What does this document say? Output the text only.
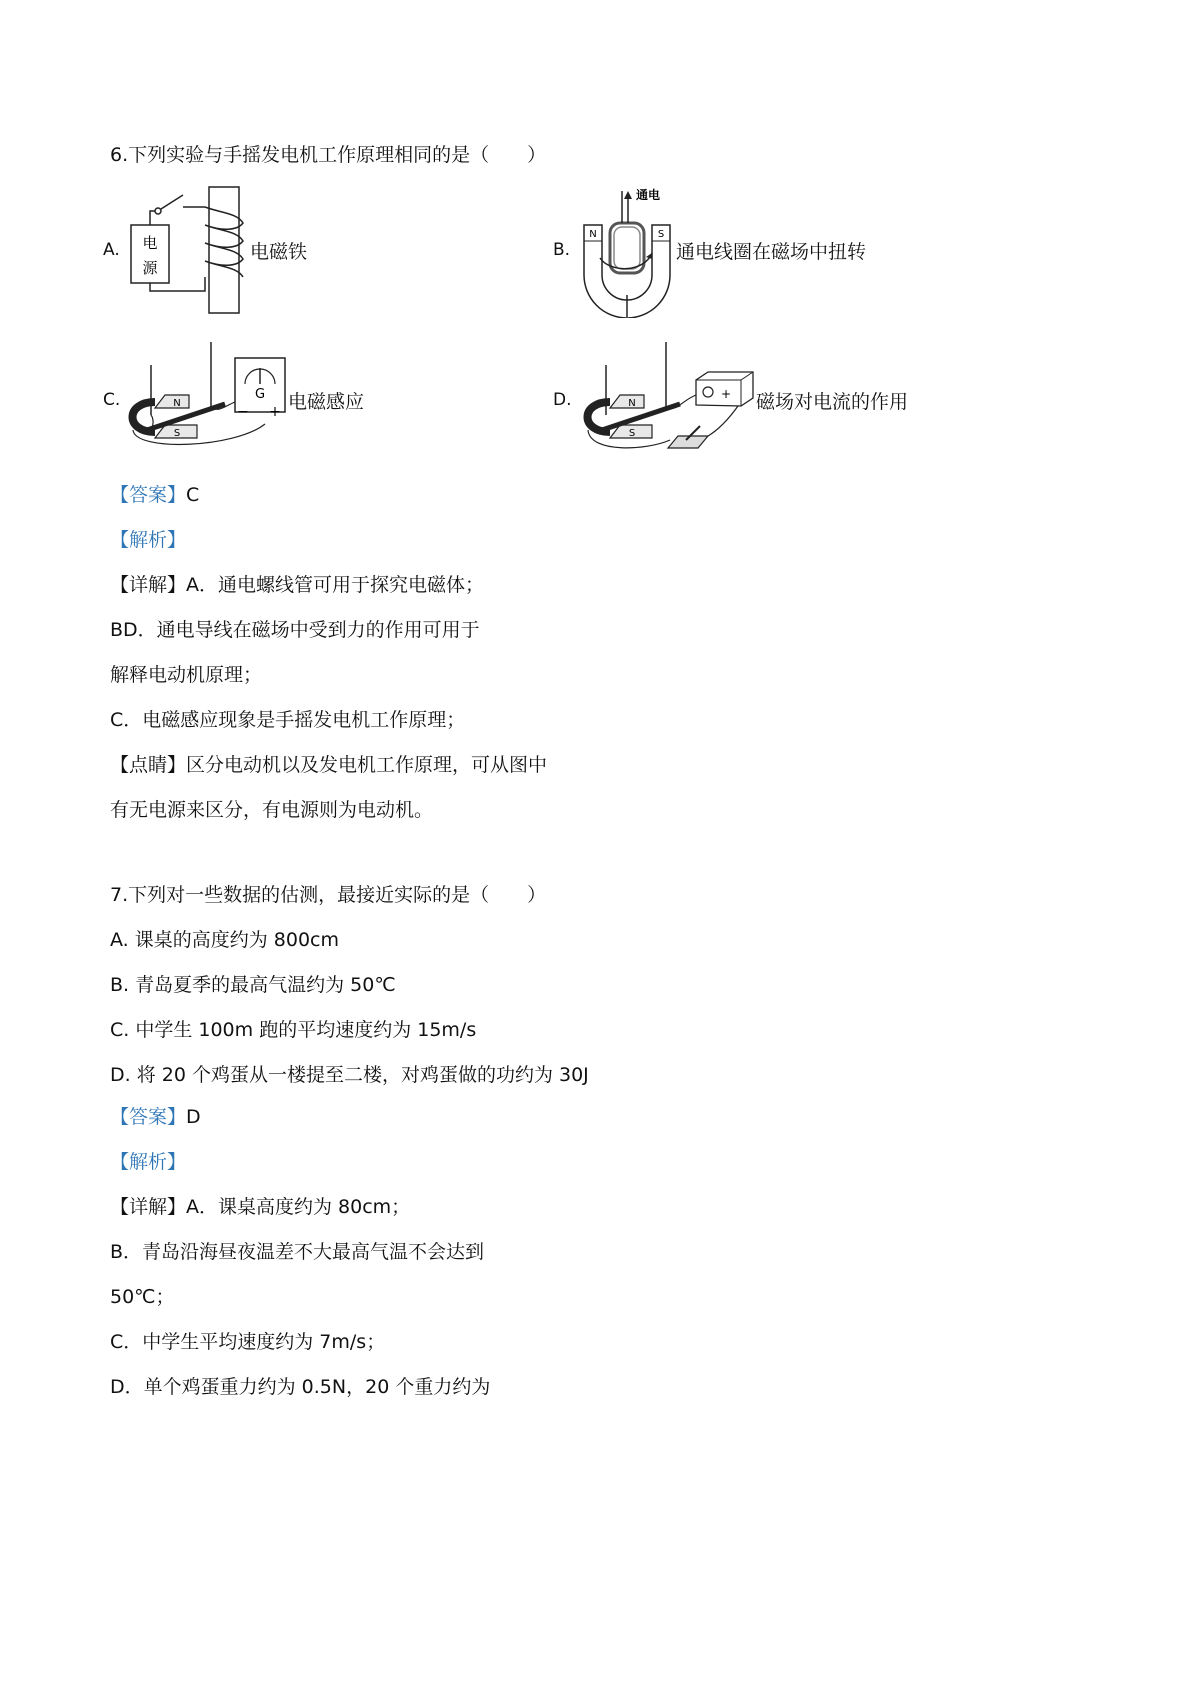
6.下列实验与手摇发电机工作原理相同的是（　　）
A. 电
源
电磁铁	B.
N	S
通电
通电线圈在磁场中扭转
C.	G
− +
N
S
电磁感应	D.	+
N
S
磁场对电流的作用
【答案】C
【解析】
【详解】A．通电螺线管可用于探究电磁体；
BD．通电导线在磁场中受到力的作用可用于
解释电动机原理；
C．电磁感应现象是手摇发电机工作原理；
【点睛】区分电动机以及发电机工作原理，可从图中
有无电源来区分，有电源则为电动机。
7.下列对一些数据的估测，最接近实际的是（　　）
A. 课桌的高度约为 800cm
B. 青岛夏季的最高气温约为 50℃
C. 中学生 100m 跑的平均速度约为 15m/s
D. 将 20 个鸡蛋从一楼提至二楼，对鸡蛋做的功约为 30J
【答案】D
【解析】
【详解】A．课桌高度约为 80cm；
B．青岛沿海昼夜温差不大最高气温不会达到
50℃；
C．中学生平均速度约为 7m/s；
D．单个鸡蛋重力约为 0.5N，20 个重力约为
